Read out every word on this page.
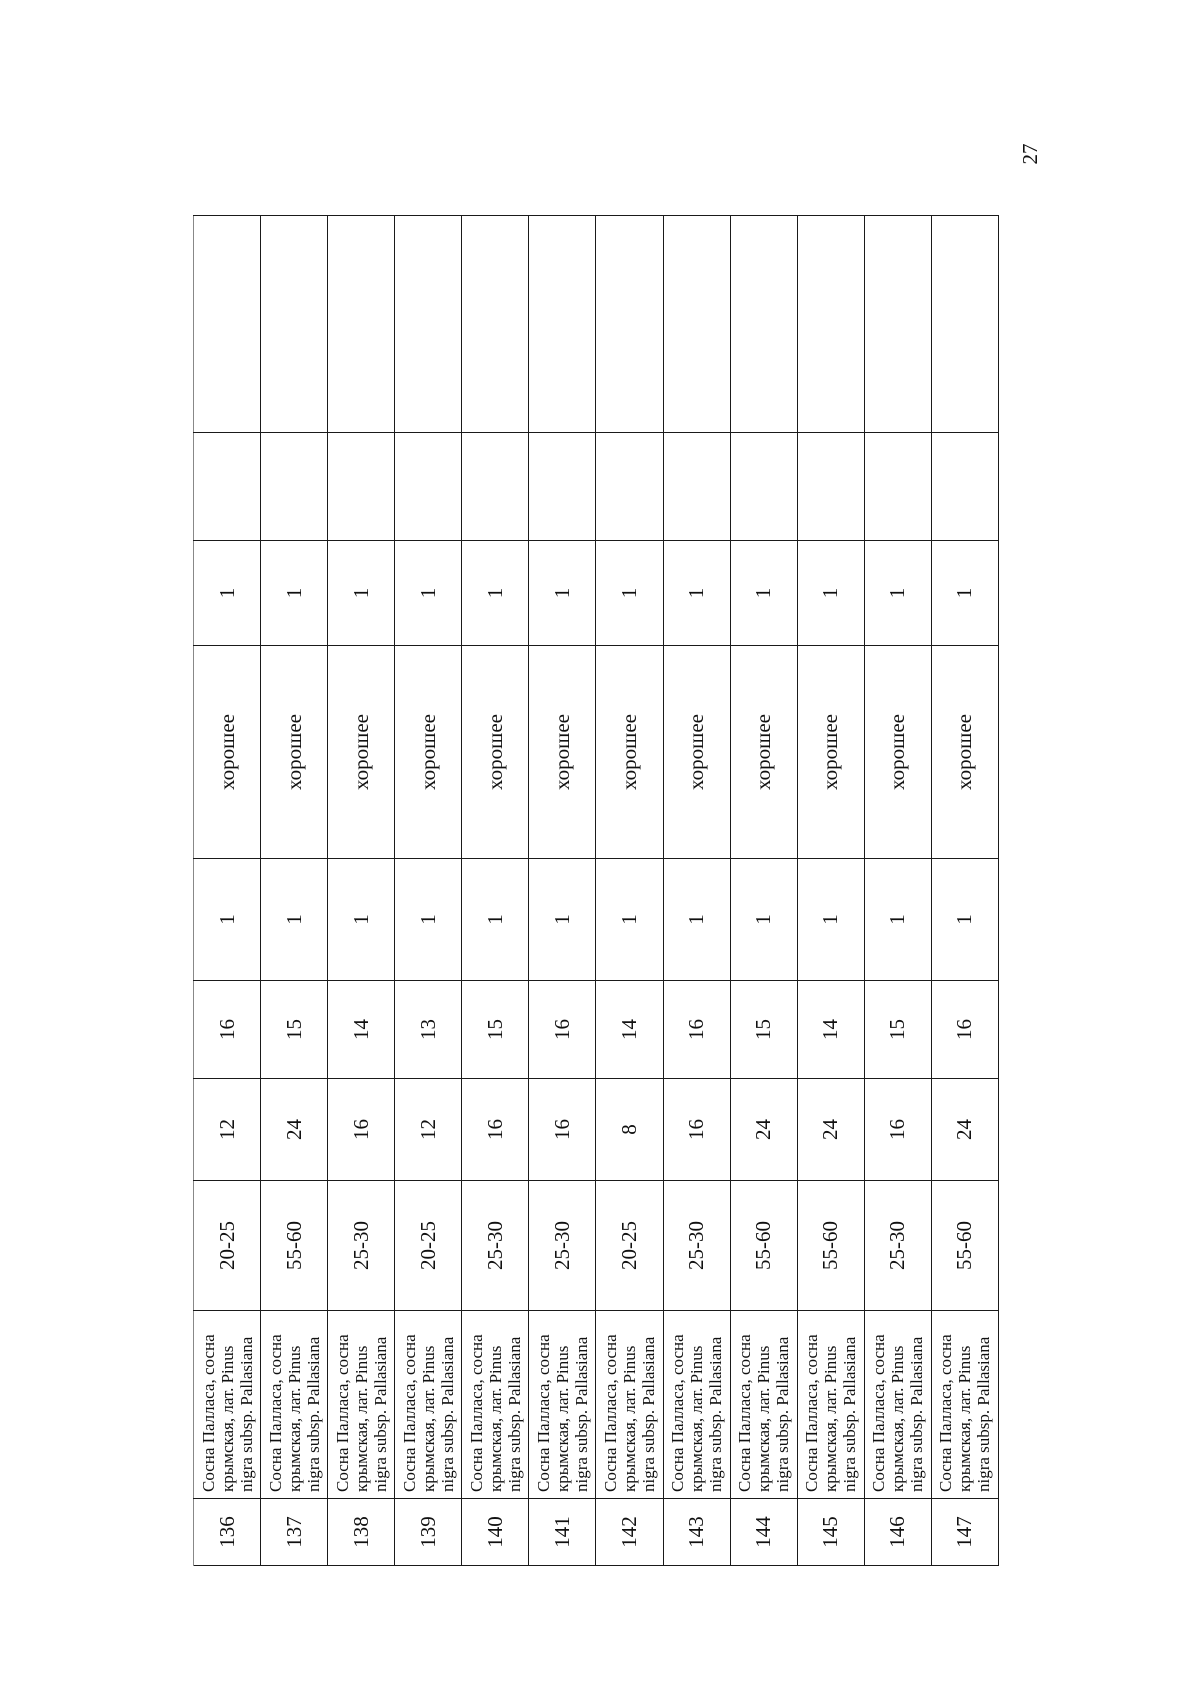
27
136	Сосна Палласа, сосна крымская, лат. Pinus nigra subsp. Pallasiana	20-25	12	16	1	хорошее	1		
137	Сосна Палласа, сосна крымская, лат. Pinus nigra subsp. Pallasiana	55-60	24	15	1	хорошее	1		
138	Сосна Палласа, сосна крымская, лат. Pinus nigra subsp. Pallasiana	25-30	16	14	1	хорошее	1		
139	Сосна Палласа, сосна крымская, лат. Pinus nigra subsp. Pallasiana	20-25	12	13	1	хорошее	1		
140	Сосна Палласа, сосна крымская, лат. Pinus nigra subsp. Pallasiana	25-30	16	15	1	хорошее	1		
141	Сосна Палласа, сосна крымская, лат. Pinus nigra subsp. Pallasiana	25-30	16	16	1	хорошее	1		
142	Сосна Палласа, сосна крымская, лат. Pinus nigra subsp. Pallasiana	20-25	8	14	1	хорошее	1		
143	Сосна Палласа, сосна крымская, лат. Pinus nigra subsp. Pallasiana	25-30	16	16	1	хорошее	1		
144	Сосна Палласа, сосна крымская, лат. Pinus nigra subsp. Pallasiana	55-60	24	15	1	хорошее	1		
145	Сосна Палласа, сосна крымская, лат. Pinus nigra subsp. Pallasiana	55-60	24	14	1	хорошее	1		
146	Сосна Палласа, сосна крымская, лат. Pinus nigra subsp. Pallasiana	25-30	16	15	1	хорошее	1		
147	Сосна Палласа, сосна крымская, лат. Pinus nigra subsp. Pallasiana	55-60	24	16	1	хорошее	1		
